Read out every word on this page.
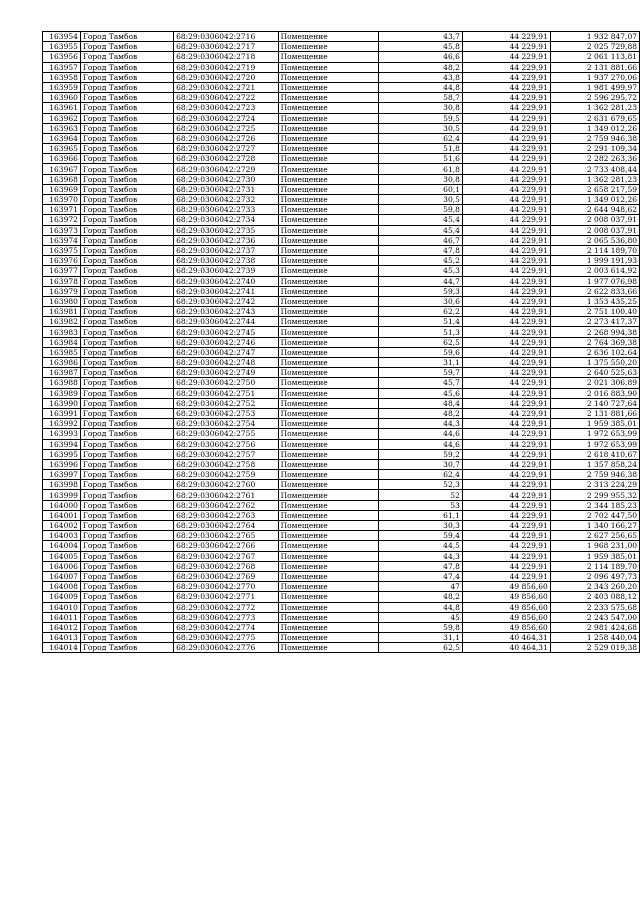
163954	Город Тамбов	68:29:0306042:2716	Помещение	43,7	44 229,91	1 932 847,07
163955	Город Тамбов	68:29:0306042:2717	Помещение	45,8	44 229,91	2 025 729,88
163956	Город Тамбов	68:29:0306042:2718	Помещение	46,6	44 229,91	2 061 113,81
163957	Город Тамбов	68:29:0306042:2719	Помещение	48,2	44 229,91	2 131 881,66
163958	Город Тамбов	68:29:0306042:2720	Помещение	43,8	44 229,91	1 937 270,06
163959	Город Тамбов	68:29:0306042:2721	Помещение	44,8	44 229,91	1 981 499,97
163960	Город Тамбов	68:29:0306042:2722	Помещение	58,7	44 229,91	2 596 295,72
163961	Город Тамбов	68:29:0306042:2723	Помещение	30,8	44 229,91	1 362 281,23
163962	Город Тамбов	68:29:0306042:2724	Помещение	59,5	44 229,91	2 631 679,65
163963	Город Тамбов	68:29:0306042:2725	Помещение	30,5	44 229,91	1 349 012,26
163964	Город Тамбов	68:29:0306042:2726	Помещение	62,4	44 229,91	2 759 946,38
163965	Город Тамбов	68:29:0306042:2727	Помещение	51,8	44 229,91	2 291 109,34
163966	Город Тамбов	68:29:0306042:2728	Помещение	51,6	44 229,91	2 282 263,36
163967	Город Тамбов	68:29:0306042:2729	Помещение	61,8	44 229,91	2 733 408,44
163968	Город Тамбов	68:29:0306042:2730	Помещение	30,8	44 229,91	1 362 281,23
163969	Город Тамбов	68:29:0306042:2731	Помещение	60,1	44 229,91	2 658 217,59
163970	Город Тамбов	68:29:0306042:2732	Помещение	30,5	44 229,91	1 349 012,26
163971	Город Тамбов	68:29:0306042:2733	Помещение	59,8	44 229,91	2 644 948,62
163972	Город Тамбов	68:29:0306042:2734	Помещение	45,4	44 229,91	2 008 037,91
163973	Город Тамбов	68:29:0306042:2735	Помещение	45,4	44 229,91	2 008 037,91
163974	Город Тамбов	68:29:0306042:2736	Помещение	46,7	44 229,91	2 065 536,80
163975	Город Тамбов	68:29:0306042:2737	Помещение	47,8	44 229,91	2 114 189,70
163976	Город Тамбов	68:29:0306042:2738	Помещение	45,2	44 229,91	1 999 191,93
163977	Город Тамбов	68:29:0306042:2739	Помещение	45,3	44 229,91	2 003 614,92
163978	Город Тамбов	68:29:0306042:2740	Помещение	44,7	44 229,91	1 977 076,98
163979	Город Тамбов	68:29:0306042:2741	Помещение	59,3	44 229,91	2 622 833,66
163980	Город Тамбов	68:29:0306042:2742	Помещение	30,6	44 229,91	1 353 435,25
163981	Город Тамбов	68:29:0306042:2743	Помещение	62,2	44 229,91	2 751 100,40
163982	Город Тамбов	68:29:0306042:2744	Помещение	51,4	44 229,91	2 273 417,37
163983	Город Тамбов	68:29:0306042:2745	Помещение	51,3	44 229,91	2 268 994,38
163984	Город Тамбов	68:29:0306042:2746	Помещение	62,5	44 229,91	2 764 369,38
163985	Город Тамбов	68:29:0306042:2747	Помещение	59,6	44 229,91	2 636 102,64
163986	Город Тамбов	68:29:0306042:2748	Помещение	31,1	44 229,91	1 375 550,20
163987	Город Тамбов	68:29:0306042:2749	Помещение	59,7	44 229,91	2 640 525,63
163988	Город Тамбов	68:29:0306042:2750	Помещение	45,7	44 229,91	2 021 306,89
163989	Город Тамбов	68:29:0306042:2751	Помещение	45,6	44 229,91	2 016 883,90
163990	Город Тамбов	68:29:0306042:2752	Помещение	48,4	44 229,91	2 140 727,64
163991	Город Тамбов	68:29:0306042:2753	Помещение	48,2	44 229,91	2 131 881,66
163992	Город Тамбов	68:29:0306042:2754	Помещение	44,3	44 229,91	1 959 385,01
163993	Город Тамбов	68:29:0306042:2755	Помещение	44,6	44 229,91	1 972 653,99
163994	Город Тамбов	68:29:0306042:2756	Помещение	44,6	44 229,91	1 972 653,99
163995	Город Тамбов	68:29:0306042:2757	Помещение	59,2	44 229,91	2 618 410,67
163996	Город Тамбов	68:29:0306042:2758	Помещение	30,7	44 229,91	1 357 858,24
163997	Город Тамбов	68:29:0306042:2759	Помещение	62,4	44 229,91	2 759 946,38
163998	Город Тамбов	68:29:0306042:2760	Помещение	52,3	44 229,91	2 313 224,29
163999	Город Тамбов	68:29:0306042:2761	Помещение	52	44 229,91	2 299 955,32
164000	Город Тамбов	68:29:0306042:2762	Помещение	53	44 229,91	2 344 185,23
164001	Город Тамбов	68:29:0306042:2763	Помещение	61,1	44 229,91	2 702 447,50
164002	Город Тамбов	68:29:0306042:2764	Помещение	30,3	44 229,91	1 340 166,27
164003	Город Тамбов	68:29:0306042:2765	Помещение	59,4	44 229,91	2 627 256,65
164004	Город Тамбов	68:29:0306042:2766	Помещение	44,5	44 229,91	1 968 231,00
164005	Город Тамбов	68:29:0306042:2767	Помещение	44,3	44 229,91	1 959 385,01
164006	Город Тамбов	68:29:0306042:2768	Помещение	47,8	44 229,91	2 114 189,70
164007	Город Тамбов	68:29:0306042:2769	Помещение	47,4	44 229,91	2 096 497,73
164008	Город Тамбов	68:29:0306042:2770	Помещение	47	49 856,60	2 343 260,20
164009	Город Тамбов	68:29:0306042:2771	Помещение	48,2	49 856,60	2 403 088,12
164010	Город Тамбов	68:29:0306042:2772	Помещение	44,8	49 856,60	2 233 575,68
164011	Город Тамбов	68:29:0306042:2773	Помещение	45	49 856,60	2 243 547,00
164012	Город Тамбов	68:29:0306042:2774	Помещение	59,8	49 856,60	2 981 424,68
164013	Город Тамбов	68:29:0306042:2775	Помещение	31,1	40 464,31	1 258 440,04
164014	Город Тамбов	68:29:0306042:2776	Помещение	62,5	40 464,31	2 529 019,38
